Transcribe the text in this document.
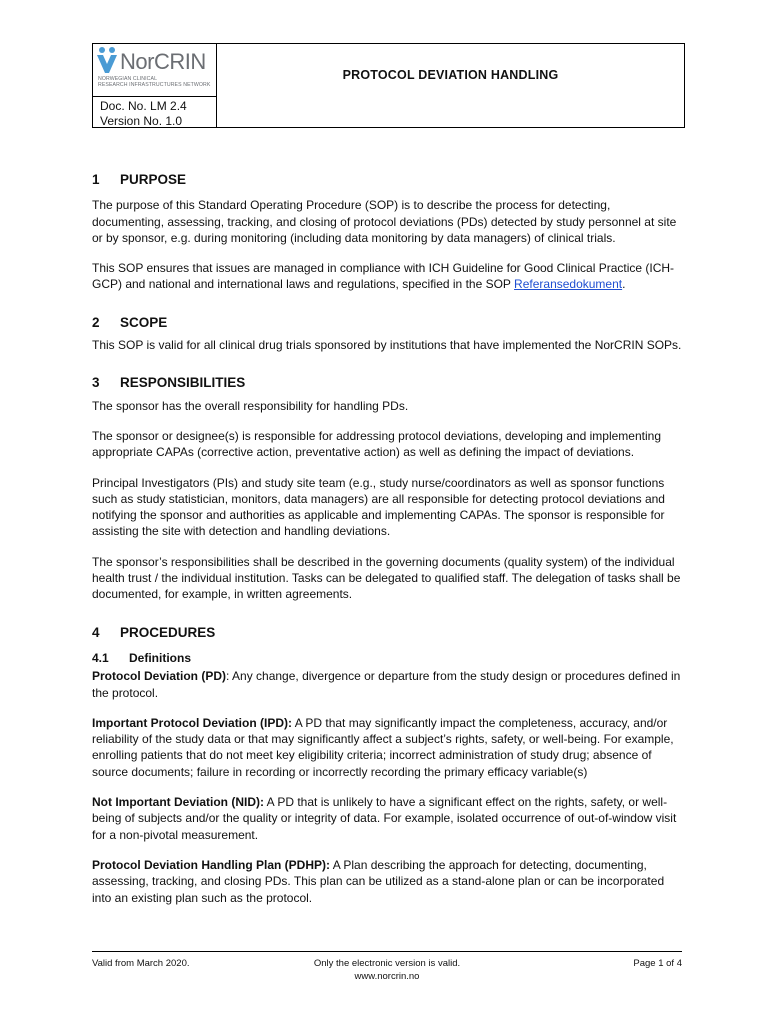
NorCRIN
NORWEGIAN CLINICAL
RESEARCH INFRASTRUCTURES NETWORK
Doc. No. LM 2.4
Version No. 1.0
PROTOCOL DEVIATION HANDLING
1	PURPOSE

The purpose of this Standard Operating Procedure (SOP) is to describe the process for detecting, documenting, assessing, tracking, and closing of protocol deviations (PDs) detected by study personnel at site or by sponsor, e.g. during monitoring (including data monitoring by data managers) of clinical trials.

This SOP ensures that issues are managed in compliance with ICH Guideline for Good Clinical Practice (ICH-GCP) and national and international laws and regulations, specified in the SOP Referansedokument.

2	SCOPE

This SOP is valid for all clinical drug trials sponsored by institutions that have implemented the NorCRIN SOPs.

3	RESPONSIBILITIES

The sponsor has the overall responsibility for handling PDs.

The sponsor or designee(s) is responsible for addressing protocol deviations, developing and implementing appropriate CAPAs (corrective action, preventative action) as well as defining the impact of deviations.

Principal Investigators (PIs) and study site team (e.g., study nurse/coordinators as well as sponsor functions such as study statistician, monitors, data managers) are all responsible for detecting protocol deviations and notifying the sponsor and authorities as applicable and implementing CAPAs. The sponsor is responsible for assisting the site with detection and handling deviations.

The sponsor’s responsibilities shall be described in the governing documents (quality system) of the individual health trust / the individual institution. Tasks can be delegated to qualified staff. The delegation of tasks shall be documented, for example, in written agreements.

4	PROCEDURES
4.1	Definitions

Protocol Deviation (PD): Any change, divergence or departure from the study design or procedures defined in the protocol.

Important Protocol Deviation (IPD): A PD that may significantly impact the completeness, accuracy, and/or reliability of the study data or that may significantly affect a subject’s rights, safety, or well-being. For example, enrolling patients that do not meet key eligibility criteria; incorrect administration of study drug; absence of source documents; failure in recording or incorrectly recording the primary efficacy variable(s)

Not Important Deviation (NID): A PD that is unlikely to have a significant effect on the rights, safety, or well-being of subjects and/or the quality or integrity of data. For example, isolated occurrence of out-of-window visit for a non-pivotal measurement.

Protocol Deviation Handling Plan (PDHP): A Plan describing the approach for detecting, documenting, assessing, tracking, and closing PDs. This plan can be utilized as a stand-alone plan or can be incorporated into an existing plan such as the protocol.

Valid from March 2020.	Only the electronic version is valid.
www.norcrin.no
Page 1 of 4
